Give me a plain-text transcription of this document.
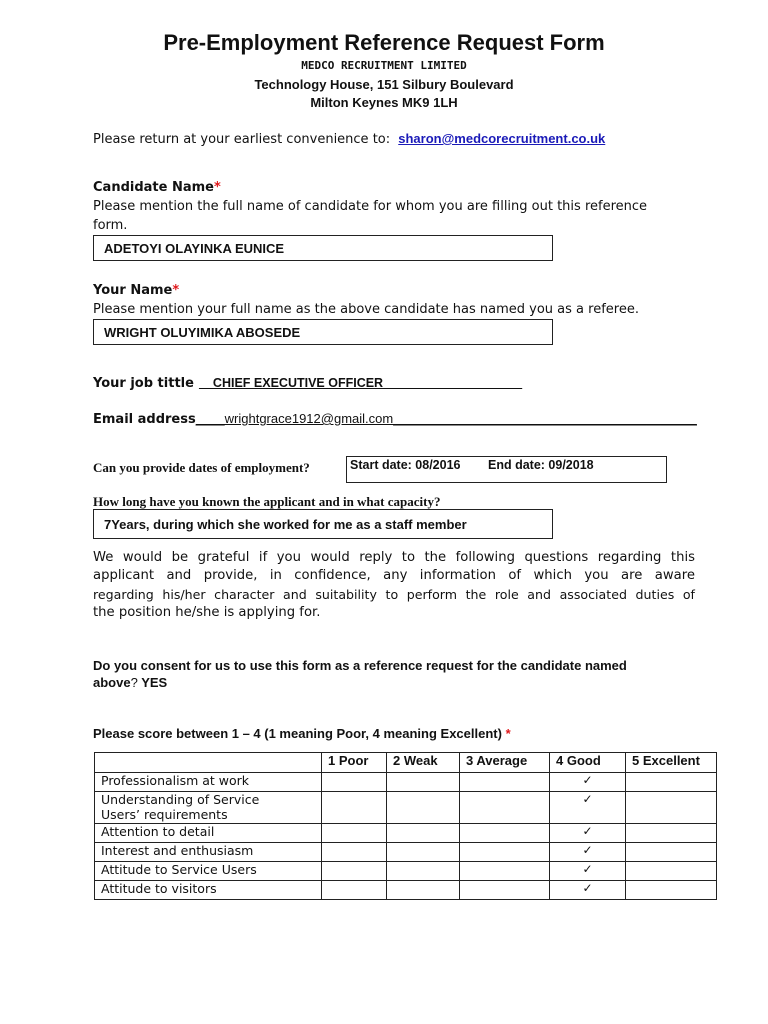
Pre-Employment Reference Request Form
MEDCO RECRUITMENT LIMITED
Technology House, 151 Silbury Boulevard
Milton Keynes MK9 1LH
Please return at your earliest convenience to: sharon@medcorecruitment.co.uk
Candidate Name*
Please mention the full name of candidate for whom you are filling out this reference
form.
ADETOYI OLAYINKA EUNICE
Your Name*
Please mention your full name as the above candidate has named you as a referee.
WRIGHT OLUYIMIKA ABOSEDE
Your job tittle __CHIEF EXECUTIVE OFFICER____________________
Email address____wrightgrace1912@gmail.com__________________________________________
Can you provide dates of employment?	Start date: 08/2016 End date: 09/2018
How long have you known the applicant and in what capacity?
7Years, during which she worked for me as a staff member
We would be grateful if you would reply to the following questions regarding this
applicant and provide, in confidence, any information of which you are aware
regarding his/her character and suitability to perform the role and associated duties of
the position he/she is applying for.
Do you consent for us to use this form as a reference request for the candidate named
above? YES
Please score between 1 – 4 (1 meaning Poor, 4 meaning Excellent) *
	1 Poor	2 Weak	3 Average	4 Good	5 Excellent

Professionalism at work				✓	

Understanding of Service
Users’ requirements				✓	

Attention to detail				✓	

Interest and enthusiasm				✓	

Attitude to Service Users				✓	

Attitude to visitors				✓	
